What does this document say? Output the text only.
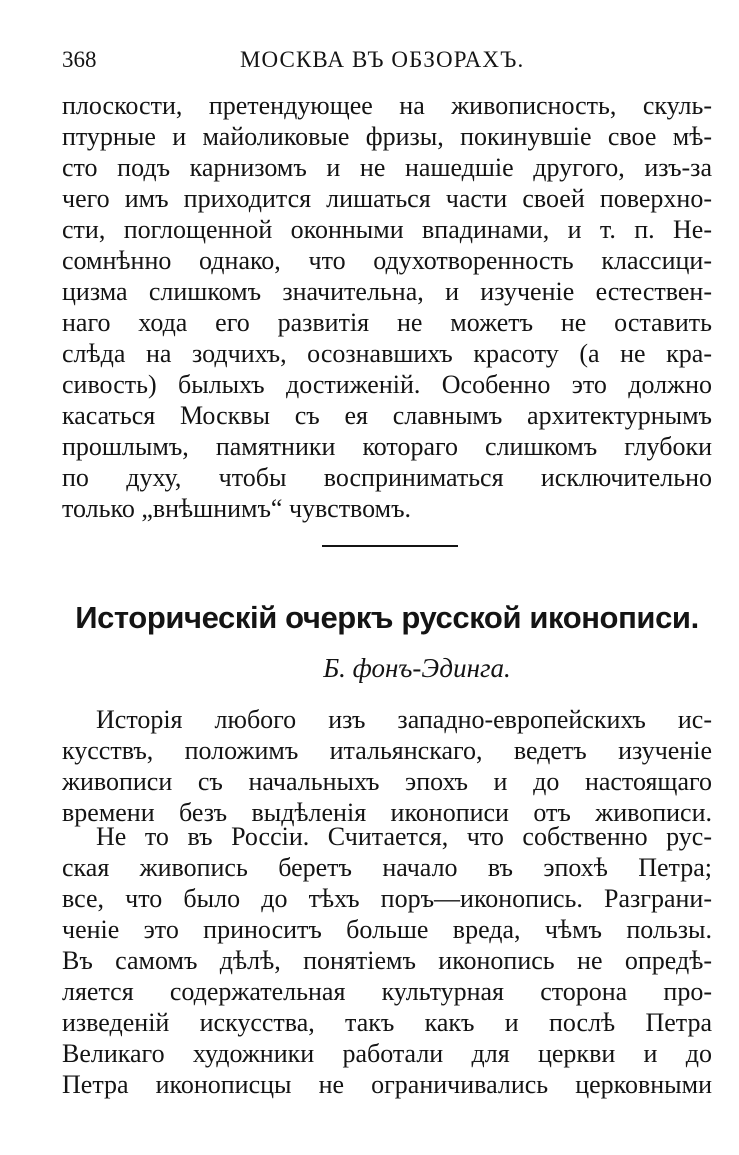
368	МОСКВА ВЪ ОБЗОРАХЪ.
плоскости, претендующее на живописность, скуль-
птурные и майоликовые фризы, покинувшіе свое мѣ-
сто подъ карнизомъ и не нашедшіе другого, изъ-за
чего имъ приходится лишаться части своей поверхно-
сти, поглощенной оконными впадинами, и т. п. Не-
сомнѣнно однако, что одухотворенность классици-
цизма слишкомъ значительна, и изученіе естествен-
наго хода его развитія не можетъ не оставить
слѣда на зодчихъ, осознавшихъ красоту (а не кра-
сивость) былыхъ достиженій. Особенно это должно
касаться Москвы съ ея славнымъ архитектурнымъ
прошлымъ, памятники котораго слишкомъ глубоки
по духу, чтобы восприниматься исключительно
только „внѣшнимъ“ чувствомъ.
Историческій очеркъ русской иконописи.
Б. фонъ-Эдинга.
Исторія любого изъ западно-европейскихъ ис-
кусствъ, положимъ итальянскаго, ведетъ изученіе
живописи съ начальныхъ эпохъ и до настоящаго
времени безъ выдѣленія иконописи отъ живописи.
Не то въ Россіи. Считается, что собственно рус-
ская живопись беретъ начало въ эпохѣ Петра;
все, что было до тѣхъ поръ—иконопись. Разграни-
ченіе это приноситъ больше вреда, чѣмъ пользы.
Въ самомъ дѣлѣ, понятіемъ иконопись не опредѣ-
ляется содержательная культурная сторона про-
изведеній искусства, такъ какъ и послѣ Петра
Великаго художники работали для церкви и до
Петра иконописцы не ограничивались церковными
